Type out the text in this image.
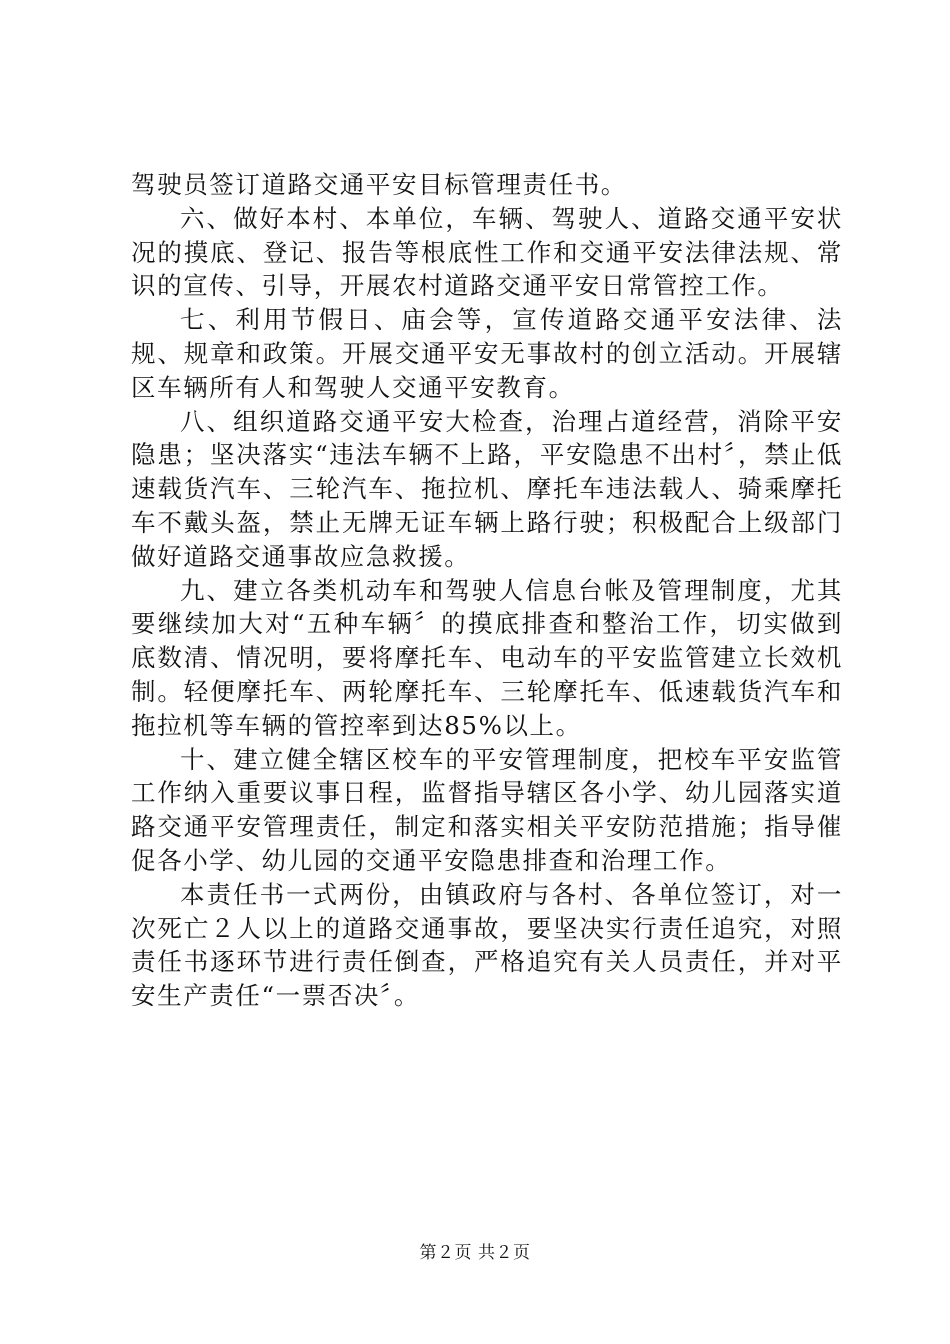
驾驶员签订道路交通平安目标管理责任书。

六、做好本村、本单位，车辆、驾驶人、道路交通平安状况的摸底、登记、报告等根底性工作和交通平安法律法规、常识的宣传、引导，开展农村道路交通平安日常管控工作。

七、利用节假日、庙会等，宣传道路交通平安法律、法规、规章和政策。开展交通平安无事故村的创立活动。开展辖区车辆所有人和驾驶人交通平安教育。

八、组织道路交通平安大检查，治理占道经营，消除平安隐患；坚决落实“违法车辆不上路，平安隐患不出村〞，禁止低速载货汽车、三轮汽车、拖拉机、摩托车违法载人、骑乘摩托车不戴头盔，禁止无牌无证车辆上路行驶；积极配合上级部门做好道路交通事故应急救援。

九、建立各类机动车和驾驶人信息台帐及管理制度，尤其要继续加大对“五种车辆〞的摸底排查和整治工作，切实做到底数清、情况明，要将摩托车、电动车的平安监管建立长效机制。轻便摩托车、两轮摩托车、三轮摩托车、低速载货汽车和拖拉机等车辆的管控率到达85%以上。

十、建立健全辖区校车的平安管理制度，把校车平安监管工作纳入重要议事日程，监督指导辖区各小学、幼儿园落实道路交通平安管理责任，制定和落实相关平安防范措施；指导催促各小学、幼儿园的交通平安隐患排查和治理工作。

本责任书一式两份，由镇政府与各村、各单位签订，对一次死亡２人以上的道路交通事故，要坚决实行责任追究，对照责任书逐环节进行责任倒查，严格追究有关人员责任，并对平安生产责任“一票否决〞。

第２页 共２页
